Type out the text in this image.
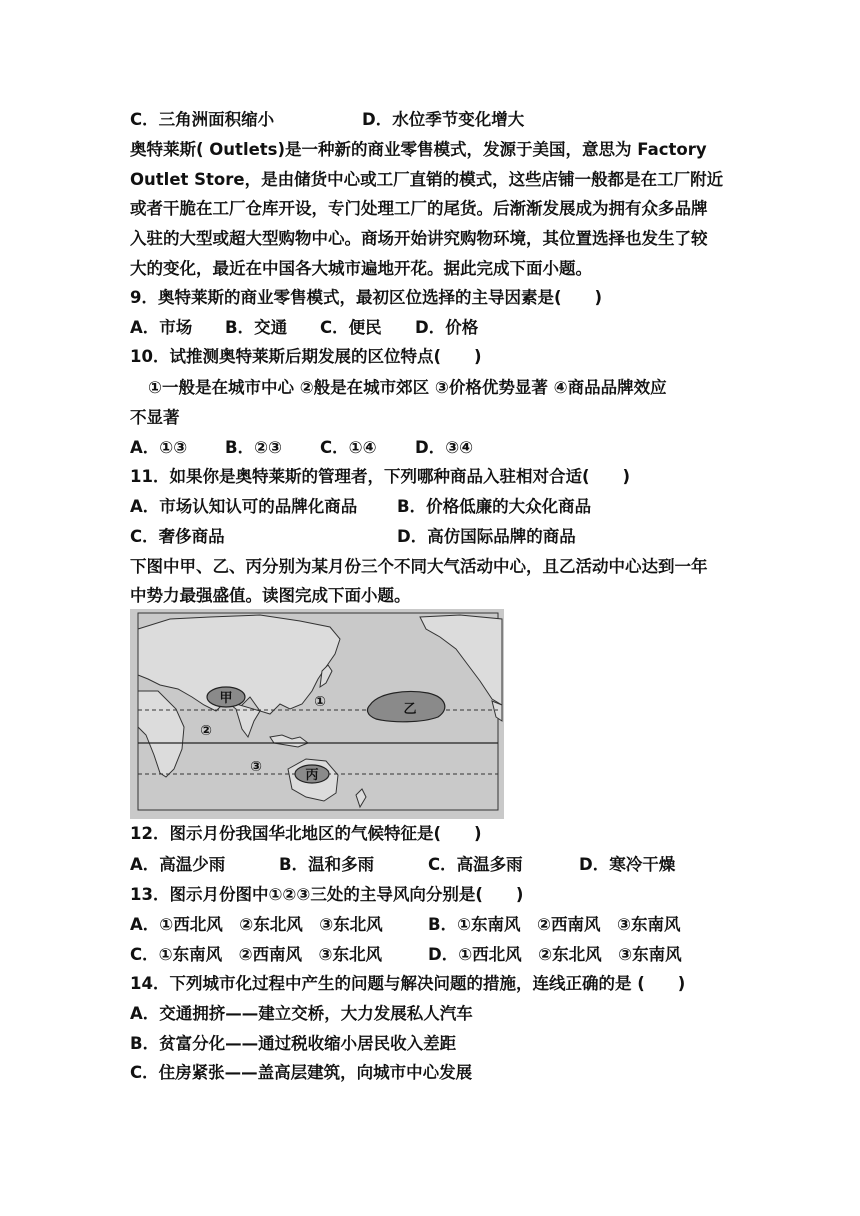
C．三角洲面积缩小	D．水位季节变化增大
奥特莱斯( Outlets)是一种新的商业零售模式，发源于美国，意思为 Factory
Outlet Store，是由储货中心或工厂直销的模式，这些店铺一般都是在工厂附近
或者干脆在工厂仓库开设，专门处理工厂的尾货。后渐渐发展成为拥有众多品牌
入驻的大型或超大型购物中心。商场开始讲究购物环境，其位置选择也发生了较
大的变化，最近在中国各大城市遍地开花。据此完成下面小题。
9．奥特莱斯的商业零售模式，最初区位选择的主导因素是(　　)
A．市场 B．交通 C．便民 D．价格
10．试推测奥特莱斯后期发展的区位特点(　　)
①一般是在城市中心 ②般是在城市郊区 ③价格优势显著 ④商品品牌效应
不显著
A．①③ B．②③ C．①④ D．③④
11．如果你是奥特莱斯的管理者，下列哪种商品入驻相对合适(　　)
A．市场认知认可的品牌化商品 B．价格低廉的大众化商品
C．奢侈商品	D．高仿国际品牌的商品
下图中甲、乙、丙分别为某月份三个不同大气活动中心，且乙活动中心达到一年
中势力最强盛值。读图完成下面小题。
甲
乙
丙
①
②
③
12．图示月份我国华北地区的气候特征是(　　)
A．高温少雨	B．温和多雨	C．高温多雨	D．寒冷干燥
13．图示月份图中①②③三处的主导风向分别是(　　)
A．①西北风　②东北风　③东北风	B．①东南风　②西南风　③东南风
C．①东南风　②西南风　③东北风	D．①西北风　②东北风　③东南风
14．下列城市化过程中产生的问题与解决问题的措施，连线正确的是 (　　)
A．交通拥挤——建立交桥，大力发展私人汽车
B．贫富分化——通过税收缩小居民收入差距
C．住房紧张——盖高层建筑，向城市中心发展
